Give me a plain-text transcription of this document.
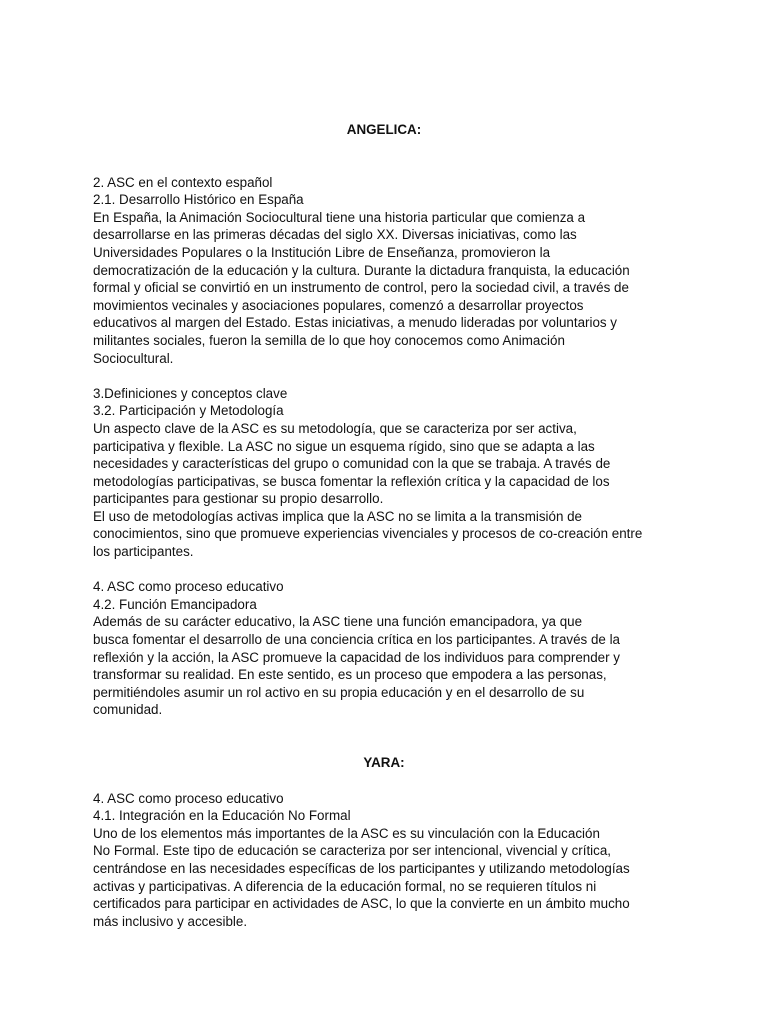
ANGELICA:

2. ASC en el contexto español

2.1. Desarrollo Histórico en España

En España, la Animación Sociocultural tiene una historia particular que comienza a

desarrollarse en las primeras décadas del siglo XX. Diversas iniciativas, como las

Universidades Populares o la Institución Libre de Enseñanza, promovieron la

democratización de la educación y la cultura. Durante la dictadura franquista, la educación

formal y oficial se convirtió en un instrumento de control, pero la sociedad civil, a través de

movimientos vecinales y asociaciones populares, comenzó a desarrollar proyectos

educativos al margen del Estado. Estas iniciativas, a menudo lideradas por voluntarios y

militantes sociales, fueron la semilla de lo que hoy conocemos como Animación

Sociocultural.

3.Definiciones y conceptos clave

3.2. Participación y Metodología

Un aspecto clave de la ASC es su metodología, que se caracteriza por ser activa,

participativa y flexible. La ASC no sigue un esquema rígido, sino que se adapta a las

necesidades y características del grupo o comunidad con la que se trabaja. A través de

metodologías participativas, se busca fomentar la reflexión crítica y la capacidad de los

participantes para gestionar su propio desarrollo.

El uso de metodologías activas implica que la ASC no se limita a la transmisión de

conocimientos, sino que promueve experiencias vivenciales y procesos de co-creación entre

los participantes.

4. ASC como proceso educativo

4.2. Función Emancipadora

Además de su carácter educativo, la ASC tiene una función emancipadora, ya que

busca fomentar el desarrollo de una conciencia crítica en los participantes. A través de la

reflexión y la acción, la ASC promueve la capacidad de los individuos para comprender y

transformar su realidad. En este sentido, es un proceso que empodera a las personas,

permitiéndoles asumir un rol activo en su propia educación y en el desarrollo de su

comunidad.

YARA:

4. ASC como proceso educativo

4.1. Integración en la Educación No Formal

Uno de los elementos más importantes de la ASC es su vinculación con la Educación

No Formal. Este tipo de educación se caracteriza por ser intencional, vivencial y crítica,

centrándose en las necesidades específicas de los participantes y utilizando metodologías

activas y participativas. A diferencia de la educación formal, no se requieren títulos ni

certificados para participar en actividades de ASC, lo que la convierte en un ámbito mucho

más inclusivo y accesible.
